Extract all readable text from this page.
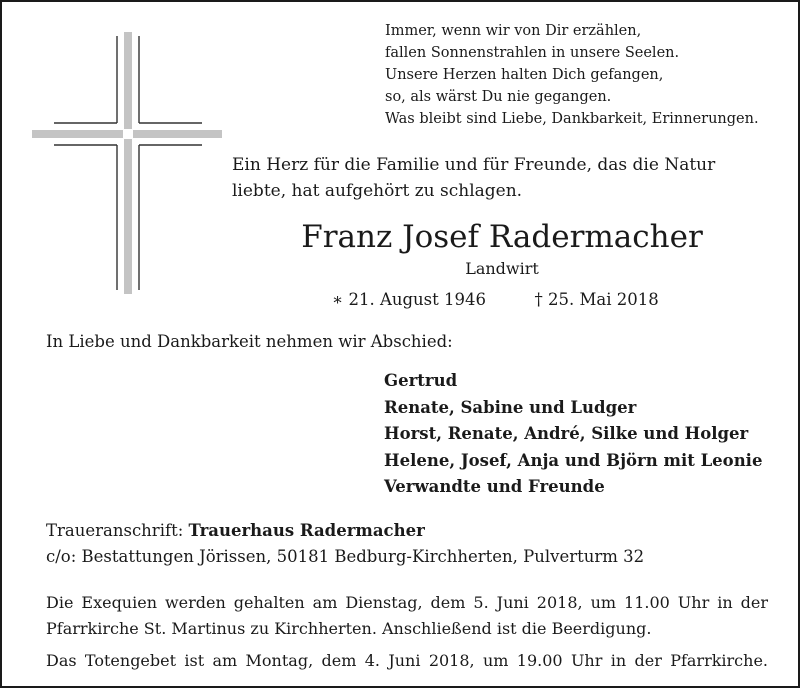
Immer, wenn wir von Dir erzählen,
fallen Sonnenstrahlen in unsere Seelen.
Unsere Herzen halten Dich gefangen,
so, als wärst Du nie gegangen.
Was bleibt sind Liebe, Dankbarkeit, Erinnerungen.
Ein Herz für die Familie und für Freunde, das die Natur
liebte, hat aufgehört zu schlagen.
Franz Josef Radermacher
Landwirt
∗ 21. August 1946	† 25. Mai 2018
In Liebe und Dankbarkeit nehmen wir Abschied:
Gertrud
Renate, Sabine und Ludger
Horst, Renate, André, Silke und Holger
Helene, Josef, Anja und Björn mit Leonie
Verwandte und Freunde
Traueranschrift: Trauerhaus Radermacher
c/o: Bestattungen Jörissen, 50181 Bedburg-Kirchherten, Pulverturm 32

Die Exequien werden gehalten am Dienstag, dem 5. Juni 2018, um 11.00 Uhr in der

Pfarrkirche St. Martinus zu Kirchherten. Anschließend ist die Beerdigung.

Das Totengebet ist am Montag, dem 4. Juni 2018, um 19.00 Uhr in der Pfarrkirche.
